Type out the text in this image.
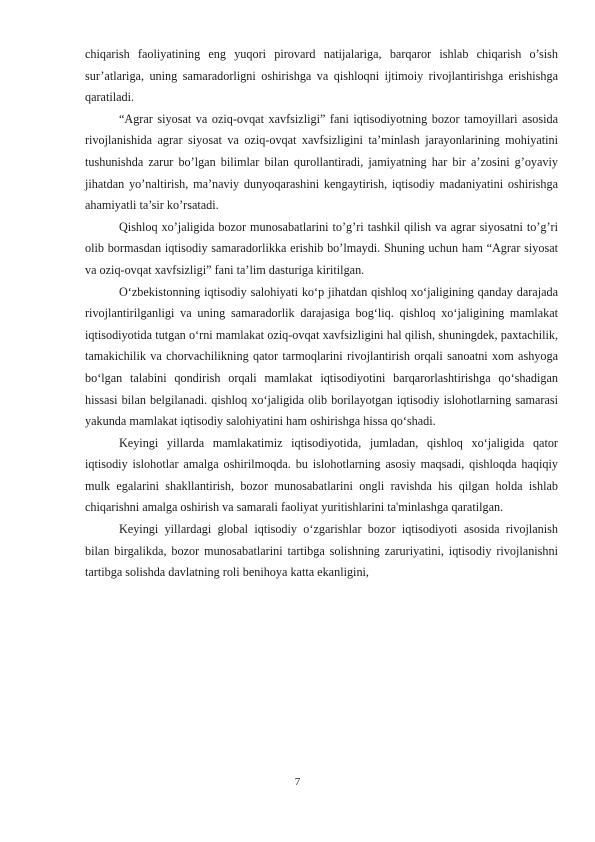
chiqarish faoliyatining eng yuqori pirovard natijalariga, barqaror ishlab chiqarish o’sish sur’atlariga, uning samaradorligni oshirishga va qishloqni ijtimoiy rivojlantirishga erishishga qaratiladi.

“Agrar siyosat va oziq-ovqat xavfsizligi” fani iqtisodiyotning bozor tamoyillari asosida rivojlanishida agrar siyosat va oziq-ovqat xavfsizligini ta’minlash jarayonlarining mohiyatini tushunishda zarur bo’lgan bilimlar bilan qurollantiradi, jamiyatning har bir a’zosini g’oyaviy jihatdan yo’naltirish, ma’naviy dunyoqarashini kengaytirish, iqtisodiy madaniyatini oshirishga ahamiyatli ta’sir ko’rsatadi.

Qishloq xo’jaligida bozor munosabatlarini to’g’ri tashkil qilish va agrar siyosatni to’g’ri olib bormasdan iqtisodiy samaradorlikka erishib bo’lmaydi. Shuning uchun ham “Agrar siyosat va oziq-ovqat xavfsizligi” fani ta’lim dasturiga kiritilgan.

O‘zbekistonning iqtisodiy salohiyati ko‘p jihatdan qishloq xo‘jaligining qanday darajada rivojlantirilganligi va uning samaradorlik darajasiga bog‘liq. qishloq xo‘jaligining mamlakat iqtisodiyotida tutgan o‘rni mamlakat oziq-ovqat xavfsizligini hal qilish, shuningdek, paxtachilik, tamakichilik va chorvachilikning qator tarmoqlarini rivojlantirish orqali sanoatni xom ashyoga bo‘lgan talabini qondirish orqali mamlakat iqtisodiyotini barqarorlashtirishga qo‘shadigan hissasi bilan belgilanadi. qishloq xo‘jaligida olib borilayotgan iqtisodiy islohotlarning samarasi yakunda mamlakat iqtisodiy salohiyatini ham oshirishga hissa qo‘shadi.

Keyingi yillarda mamlakatimiz iqtisodiyotida, jumladan, qishloq xo‘jaligida qator iqtisodiy islohotlar amalga oshirilmoqda. bu islohotlarning asosiy maqsadi, qishloqda haqiqiy mulk egalarini shakllantirish, bozor munosabatlarini ongli ravishda his qilgan holda ishlab chiqarishni amalga oshirish va samarali faoliyat yuritishlarini ta'minlashga qaratilgan.

Keyingi yillardagi global iqtisodiy o‘zgarishlar bozor iqtisodiyoti asosida rivojlanish bilan birgalikda, bozor munosabatlarini tartibga solishning zaruriyatini, iqtisodiy rivojlanishni tartibga solishda davlatning roli benihoya katta ekanligini,

7
